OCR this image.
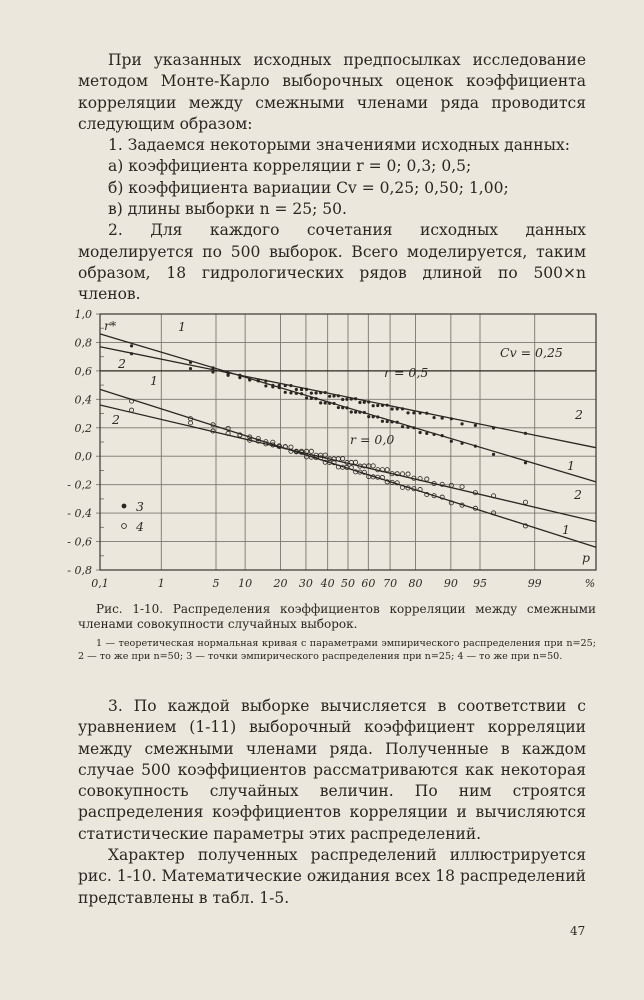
При указанных исходных предпосылках исследование методом Монте-Карло выборочных оценок коэффициента корреляции между смежными членами ряда проводится следующим образом:

1. Задаемся некоторыми значениями исходных данных:

а) коэффициента корреляции r = 0; 0,3; 0,5;

б) коэффициента вариации Cv = 0,25; 0,50; 1,00;

в) длины выборки n = 25; 50.

2. Для каждого сочетания исходных данных моделируется по 500 выборок. Всего моделируется, таким образом, 18 гидрологических рядов длиной по 500×n членов.

1,0
0,8
0,6
0,4
0,2
0,0
- 0,2
- 0,4
- 0,6
- 0,8
0,1	1	5 10 20 30 40 50 60 70 80 90 95	99	%
Cv = 0,25
r = 0,5
r = 0,0
r*
p
1
2
1
2	2
1
2
1
3
4

Рис. 1-10. Распределения коэффициентов корреляции между смежными членами совокупности случайных выборок.

1 — теоретическая нормальная кривая с параметрами эмпирического распределения при n=25; 2 — то же при n=50; 3 — точки эмпирического распределения при n=25; 4 — то же при n=50.

3. По каждой выборке вычисляется в соответствии с уравнением (1-11) выборочный коэффициент корреляции между смежными членами ряда. Полученные в каждом случае 500 коэффициентов рассматриваются как некоторая совокупность случайных величин. По ним строятся распределения коэффициентов корреляции и вычисляются статистические параметры этих распределений.

Характер полученных распределений иллюстрируется рис. 1-10. Математические ожидания всех 18 распределений представлены в табл. 1-5.

47
